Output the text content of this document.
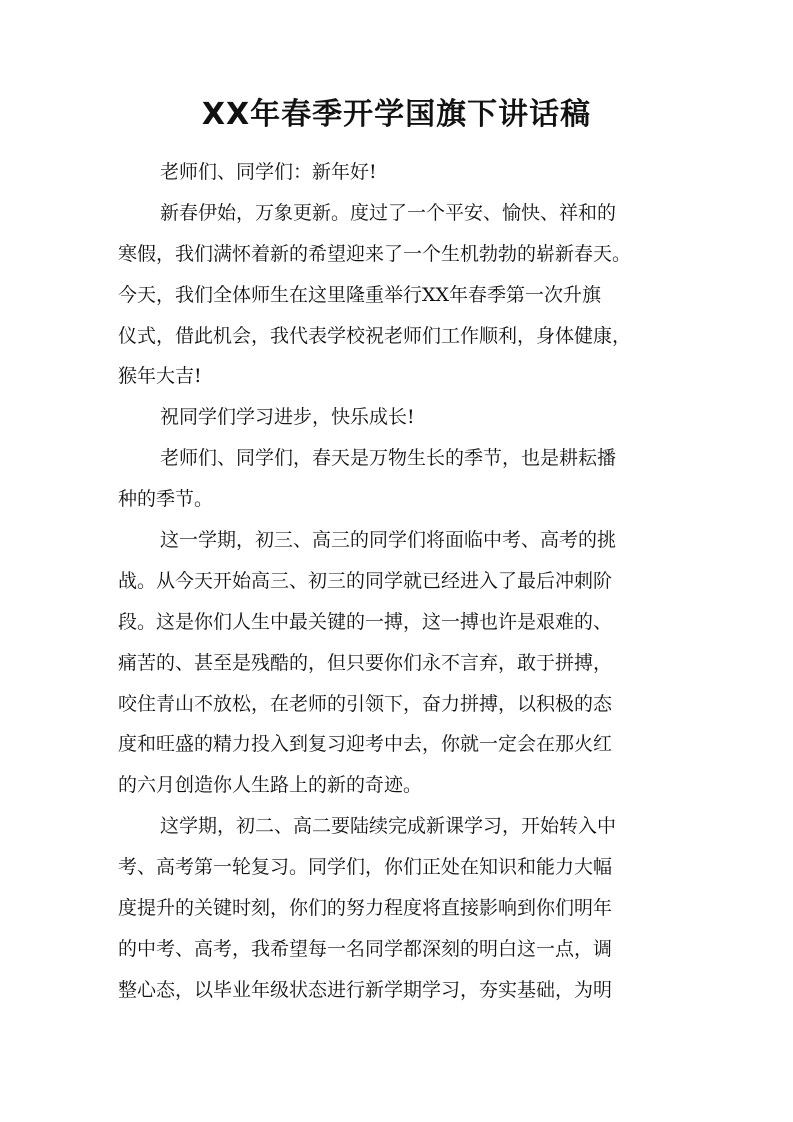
XX年春季开学国旗下讲话稿
老师们、同学们：新年好!
新春伊始，万象更新。度过了一个平安、愉快、祥和的
寒假，我们满怀着新的希望迎来了一个生机勃勃的崭新春天。
今天，我们全体师生在这里隆重举行XX年春季第一次升旗
仪式，借此机会，我代表学校祝老师们工作顺利，身体健康，
猴年大吉!
祝同学们学习进步，快乐成长!
老师们、同学们，春天是万物生长的季节，也是耕耘播
种的季节。
这一学期，初三、高三的同学们将面临中考、高考的挑
战。从今天开始高三、初三的同学就已经进入了最后冲刺阶
段。这是你们人生中最关键的一搏，这一搏也许是艰难的、
痛苦的、甚至是残酷的，但只要你们永不言弃，敢于拼搏，
咬住青山不放松，在老师的引领下，奋力拼搏，以积极的态
度和旺盛的精力投入到复习迎考中去，你就一定会在那火红
的六月创造你人生路上的新的奇迹。
这学期，初二、高二要陆续完成新课学习，开始转入中
考、高考第一轮复习。同学们，你们正处在知识和能力大幅
度提升的关键时刻，你们的努力程度将直接影响到你们明年
的中考、高考，我希望每一名同学都深刻的明白这一点，调
整心态，以毕业年级状态进行新学期学习，夯实基础，为明
